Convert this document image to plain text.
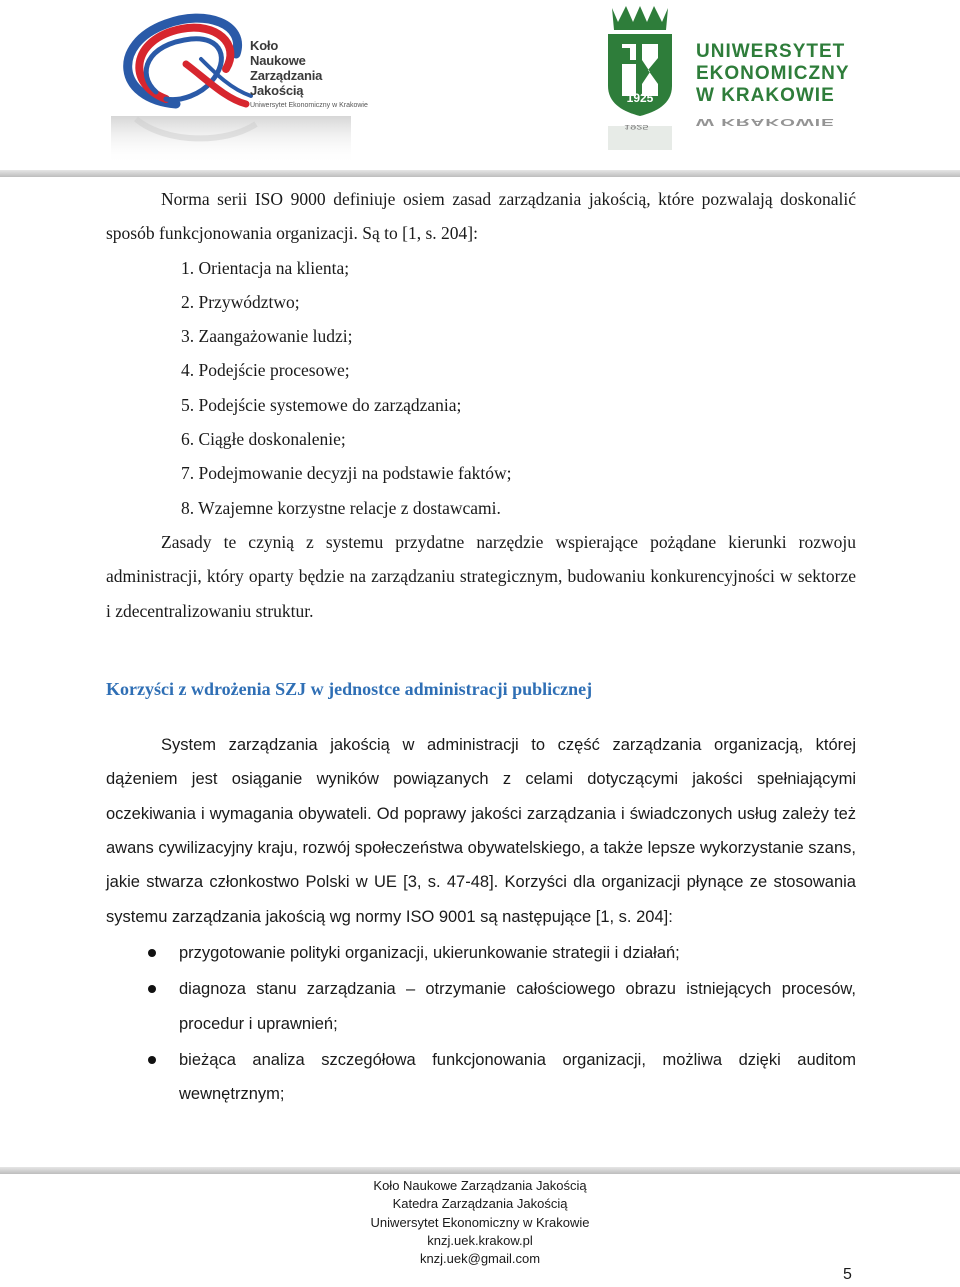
Koło
Naukowe
Zarządzania
Jakością
Uniwersytet Ekonomiczny w Krakowie
1925
UNIWERSYTET
EKONOMICZNY
W KRAKOWIE
1925	W KRAKOWIE

Norma serii ISO 9000 definiuje osiem zasad zarządzania jakością, które pozwalają doskonalić sposób funkcjonowania organizacji. Są to [1, s. 204]:

1. Orientacja na klienta;
2. Przywództwo;
3. Zaangażowanie ludzi;
4. Podejście procesowe;
5. Podejście systemowe do zarządzania;
6. Ciągłe doskonalenie;
7. Podejmowanie decyzji na podstawie faktów;
8. Wzajemne korzystne relacje z dostawcami.

Zasady te czynią z systemu przydatne narzędzie wspierające pożądane kierunki rozwoju administracji, który oparty będzie na zarządzaniu strategicznym, budowaniu konkurencyjności w sektorze i zdecentralizowaniu struktur.

Korzyści z wdrożenia SZJ w jednostce administracji publicznej

System zarządzania jakością w administracji to część zarządzania organizacją, której dążeniem jest osiąganie wyników powiązanych z celami dotyczącymi jakości spełniającymi oczekiwania i wymagania obywateli. Od poprawy jakości zarządzania i świadczonych usług zależy też awans cywilizacyjny kraju, rozwój społeczeństwa obywatelskiego, a także lepsze wykorzystanie szans, jakie stwarza członkostwo Polski w UE [3, s. 47-48]. Korzyści dla organizacji płynące ze stosowania systemu zarządzania jakością wg normy ISO 9001 są następujące [1, s. 204]:

przygotowanie polityki organizacji, ukierunkowanie strategii i działań;
diagnoza stanu zarządzania – otrzymanie całościowego obrazu istniejących procesów, procedur i uprawnień;
bieżąca analiza szczegółowa funkcjonowania organizacji, możliwa dzięki auditom wewnętrznym;
Koło Naukowe Zarządzania Jakością
Katedra Zarządzania Jakością
Uniwersytet Ekonomiczny w Krakowie
knzj.uek.krakow.pl
knzj.uek@gmail.com
5
